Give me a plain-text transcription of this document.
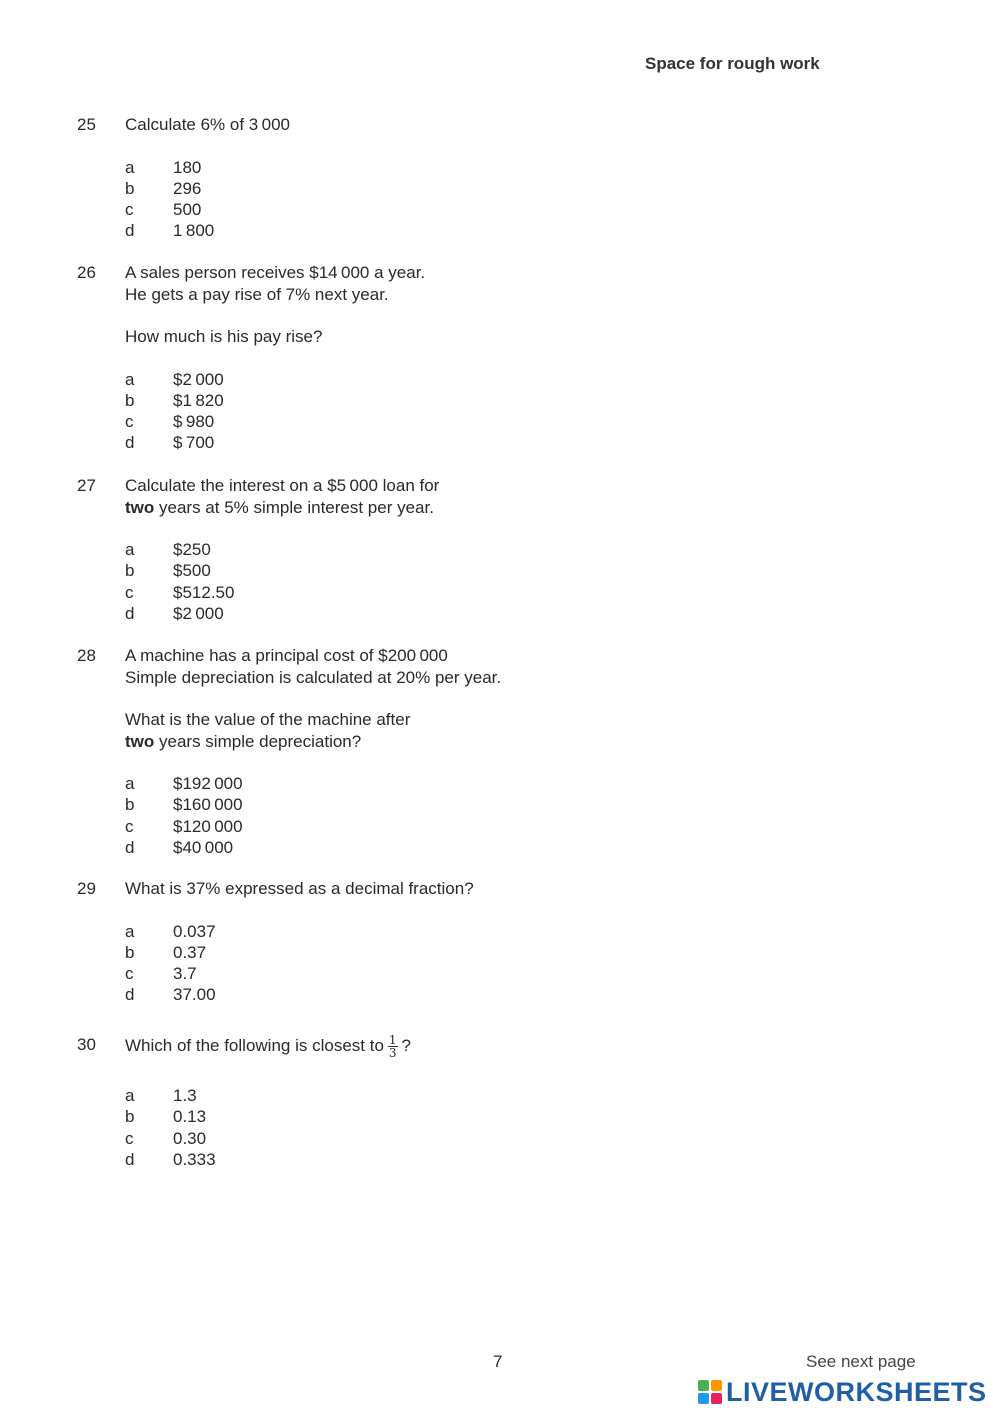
Space for rough work
25 Calculate 6% of 3 000
a 180
b 296
c 500
d 1 800
26 A sales person receives $14 000 a year.
He gets a pay rise of 7% next year.
How much is his pay rise?
a $2 000
b $1 820
c $ 980
d $ 700
27 Calculate the interest on a $5 000 loan for
two years at 5% simple interest per year.
a $250
b $500
c $512.50
d $2 000
28 A machine has a principal cost of $200 000
Simple depreciation is calculated at 20% per year.
What is the value of the machine after
two years simple depreciation?
a $192 000
b $160 000
c $120 000
d $40 000
29 What is 37% expressed as a decimal fraction?
a 0.037
b 0.37
c 3.7
d 37.00
30 Which of the following is closest to $\frac{1}{3}$ ?
a 1.3
b 0.13
c 0.30
d 0.333
7	See next page
LIVEWORKSHEETS
